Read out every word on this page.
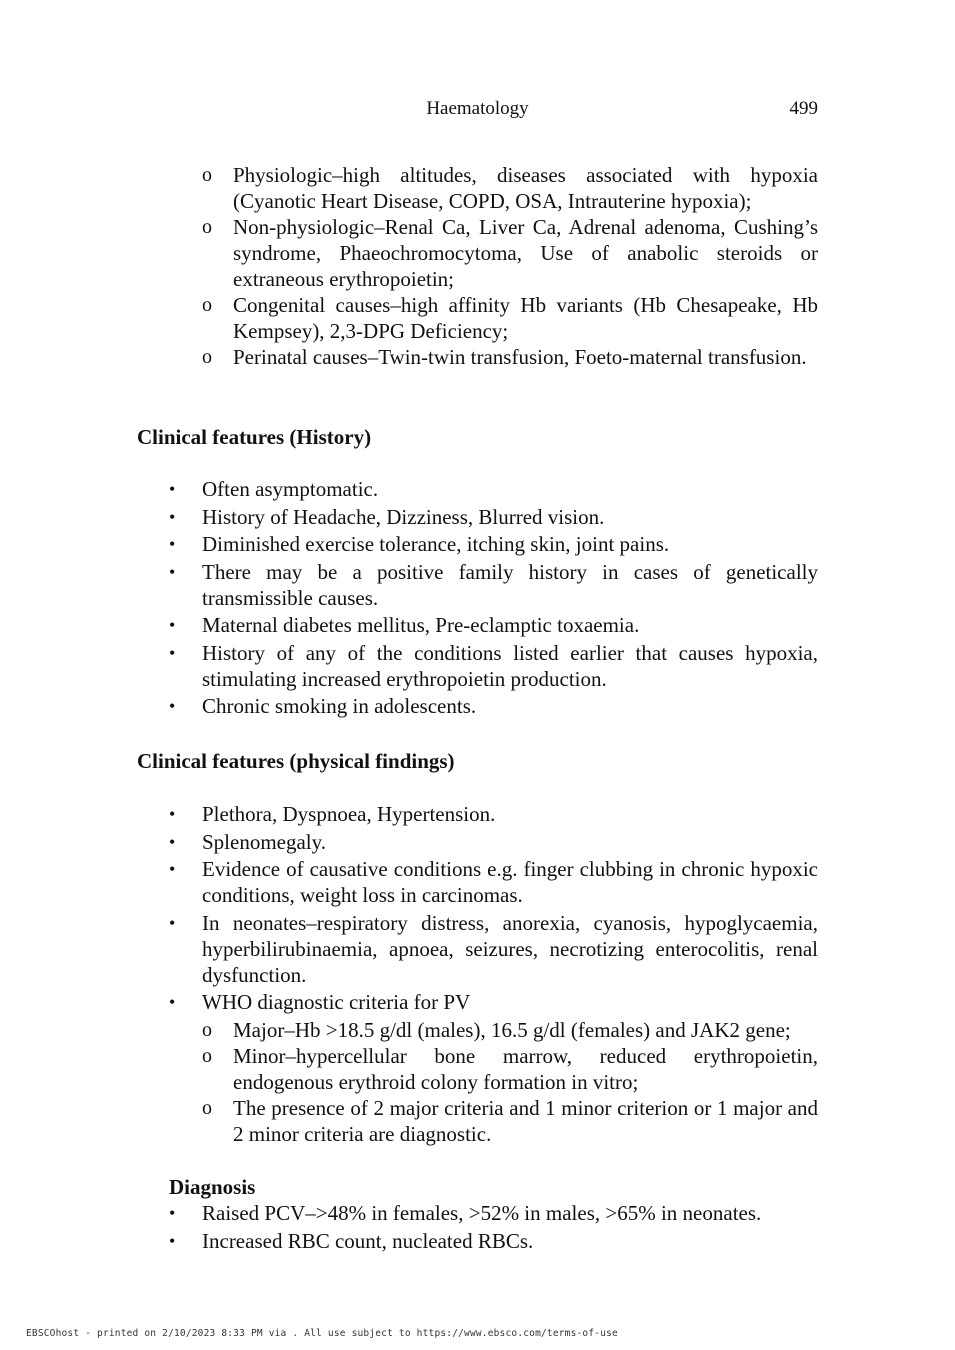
Haematology	499
o Physiologic–high altitudes, diseases associated with hypoxia (Cyanotic Heart Disease, COPD, OSA, Intrauterine hypoxia);
o Non-physiologic–Renal Ca, Liver Ca, Adrenal adenoma, Cushing’s syndrome, Phaeochromocytoma, Use of anabolic steroids or extraneous erythropoietin;
o Congenital causes–high affinity Hb variants (Hb Chesapeake, Hb Kempsey), 2,3-DPG Deficiency;
o Perinatal causes–Twin-twin transfusion, Foeto-maternal transfusion.
Clinical features (History)
• Often asymptomatic.
• History of Headache, Dizziness, Blurred vision.
• Diminished exercise tolerance, itching skin, joint pains.
• There may be a positive family history in cases of genetically transmissible causes.
• Maternal diabetes mellitus, Pre-eclamptic toxaemia.
• History of any of the conditions listed earlier that causes hypoxia, stimulating increased erythropoietin production.
• Chronic smoking in adolescents.
Clinical features (physical findings)
• Plethora, Dyspnoea, Hypertension.
• Splenomegaly.
• Evidence of causative conditions e.g. finger clubbing in chronic hypoxic conditions, weight loss in carcinomas.
• In neonates–respiratory distress, anorexia, cyanosis, hypoglycaemia, hyperbilirubinaemia, apnoea, seizures, necrotizing enterocolitis, renal dysfunction.
• WHO diagnostic criteria for PV
o Major–Hb >18.5 g/dl (males), 16.5 g/dl (females) and JAK2 gene;
o Minor–hypercellular bone marrow, reduced erythropoietin, endogenous erythroid colony formation in vitro;
o The presence of 2 major criteria and 1 minor criterion or 1 major and 2 minor criteria are diagnostic.
Diagnosis
• Raised PCV–>48% in females, >52% in males, >65% in neonates.
• Increased RBC count, nucleated RBCs.
EBSCOhost - printed on 2/10/2023 8:33 PM via . All use subject to https://www.ebsco.com/terms-of-use
